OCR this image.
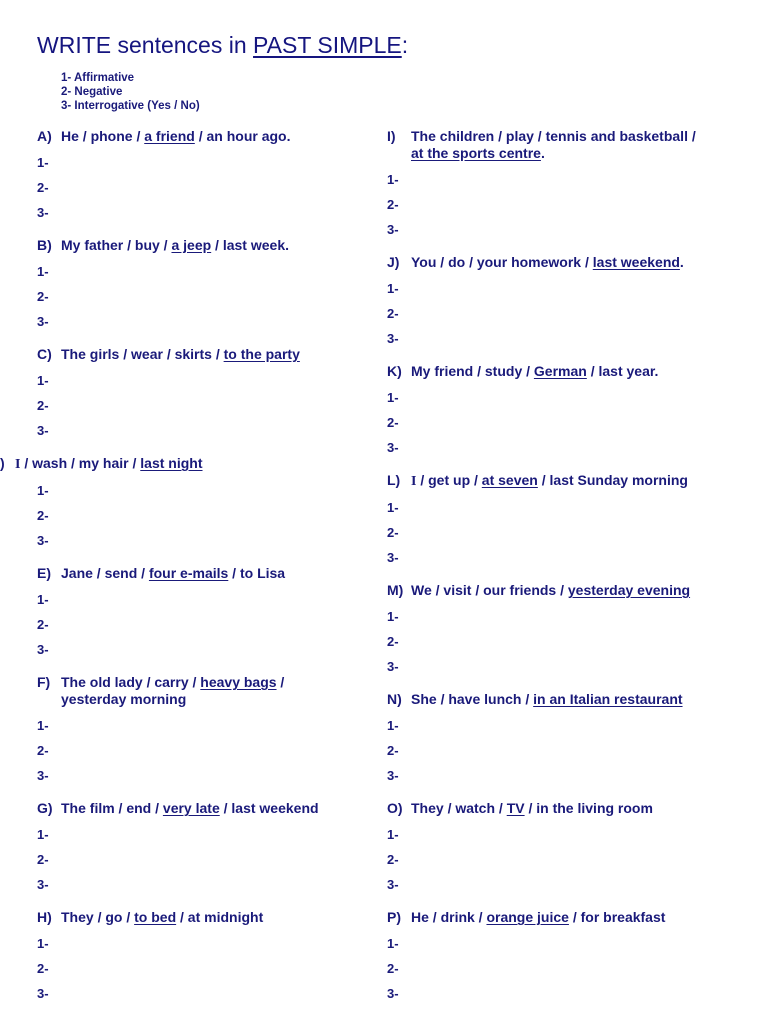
WRITE sentences in PAST SIMPLE:
1- Affirmative
2- Negative
3- Interrogative (Yes / No)

A) He / phone / a friend / an hour ago.

1-
2-
3-

B) My father / buy / a jeep / last week.

1-
2-
3-

C) The girls / wear / skirts / to the party

1-
2-
3-

) I / wash / my hair / last night

1-
2-
3-

E) Jane / send / four e-mails / to Lisa

1-
2-
3-

F) The old lady / carry / heavy bags /
yesterday morning

1-
2-
3-

G) The film / end / very late / last weekend

1-
2-
3-

H) They / go / to bed / at midnight

1-
2-
3-

I) The children / play / tennis and basketball /
at the sports centre.

1-
2-
3-

J) You / do / your homework / last weekend.

1-
2-
3-

K) My friend / study / German / last year.

1-
2-
3-

L) I / get up / at seven / last Sunday morning

1-
2-
3-

M) We / visit / our friends / yesterday evening

1-
2-
3-

N) She / have lunch / in an Italian restaurant

1-
2-
3-

O) They / watch / TV / in the living room

1-
2-
3-

P) He / drink / orange juice / for breakfast

1-
2-
3-
